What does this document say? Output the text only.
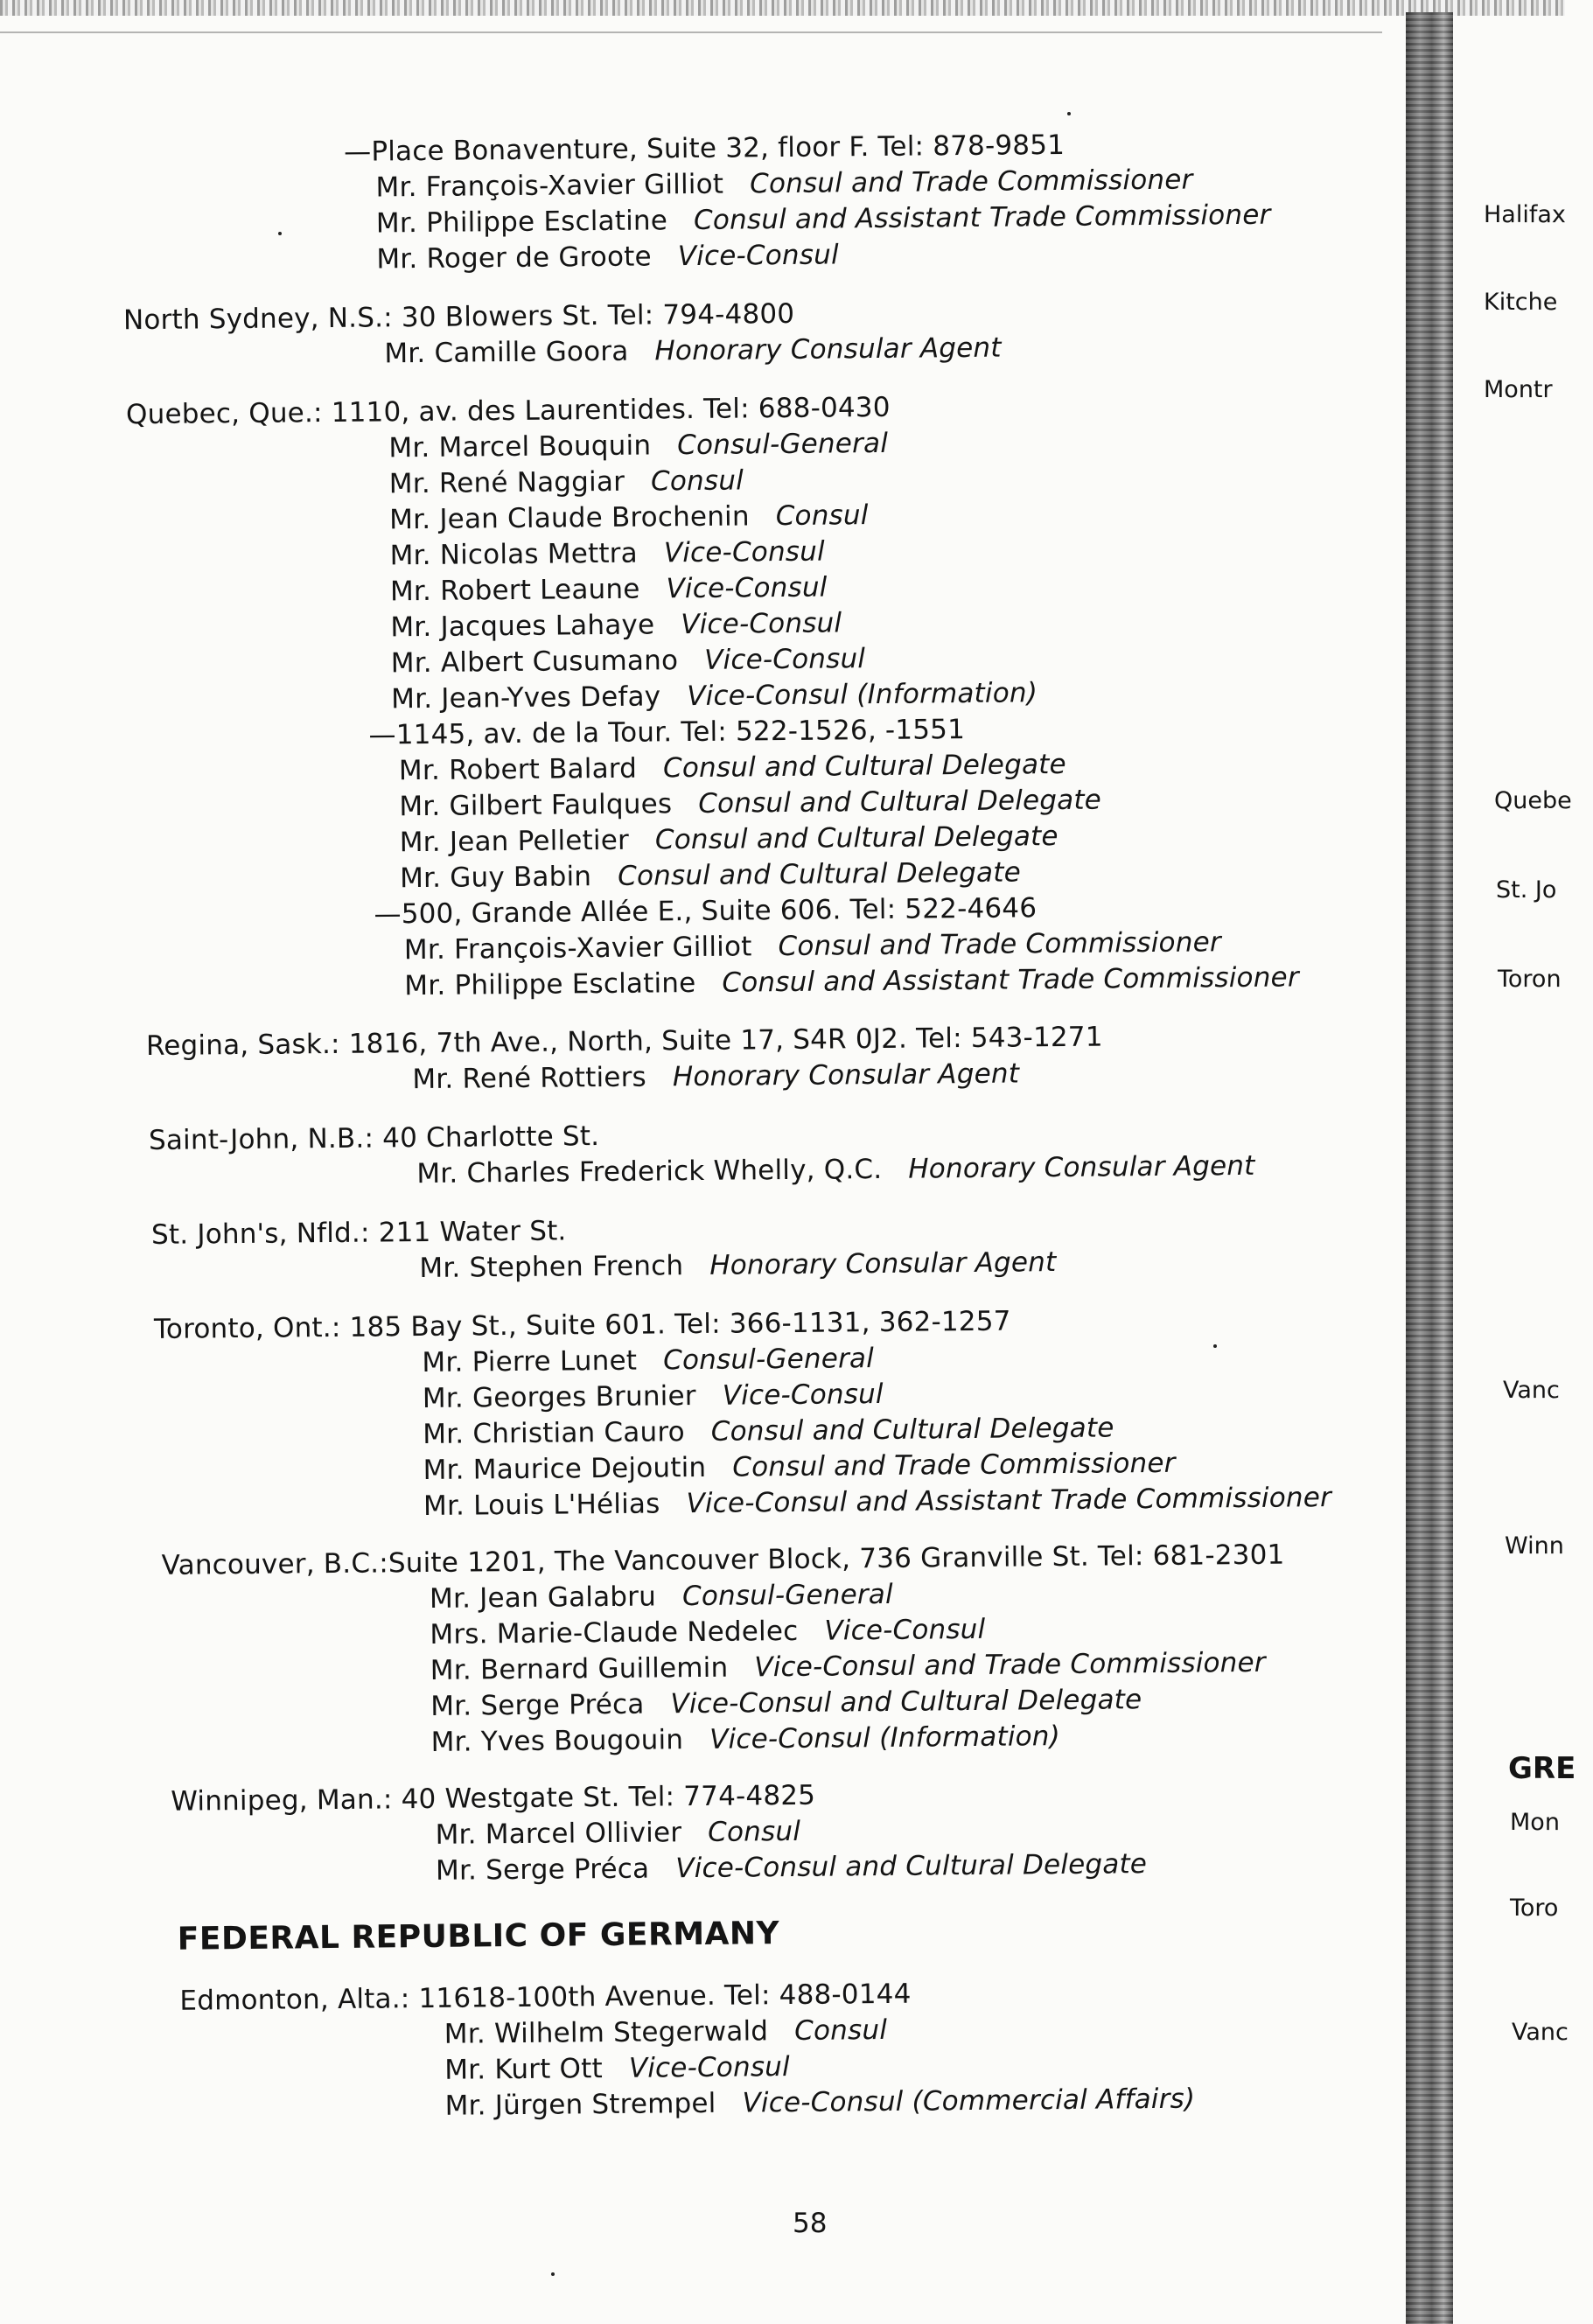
—Place Bonaventure, Suite 32, floor F. Tel: 878-9851
Mr. François-Xavier Gilliot Consul and Trade Commissioner
Mr. Philippe Esclatine Consul and Assistant Trade Commissioner
Mr. Roger de Groote Vice-Consul
North Sydney, N.S.: 30 Blowers St. Tel: 794-4800
Mr. Camille Goora Honorary Consular Agent
Quebec, Que.: 1110, av. des Laurentides. Tel: 688-0430
Mr. Marcel Bouquin Consul-General
Mr. René Naggiar Consul
Mr. Jean Claude Brochenin Consul
Mr. Nicolas Mettra Vice-Consul
Mr. Robert Leaune Vice-Consul
Mr. Jacques Lahaye Vice-Consul
Mr. Albert Cusumano Vice-Consul
Mr. Jean-Yves Defay Vice-Consul (Information)
—1145, av. de la Tour. Tel: 522-1526, -1551
Mr. Robert Balard Consul and Cultural Delegate
Mr. Gilbert Faulques Consul and Cultural Delegate
Mr. Jean Pelletier Consul and Cultural Delegate
Mr. Guy Babin Consul and Cultural Delegate
—500, Grande Allée E., Suite 606. Tel: 522-4646
Mr. François-Xavier Gilliot Consul and Trade Commissioner
Mr. Philippe Esclatine Consul and Assistant Trade Commissioner
Regina, Sask.: 1816, 7th Ave., North, Suite 17, S4R 0J2. Tel: 543-1271
Mr. René Rottiers Honorary Consular Agent
Saint-John, N.B.: 40 Charlotte St.
Mr. Charles Frederick Whelly, Q.C. Honorary Consular Agent
St. John's, Nfld.: 211 Water St.
Mr. Stephen French Honorary Consular Agent
Toronto, Ont.: 185 Bay St., Suite 601. Tel: 366-1131, 362-1257
Mr. Pierre Lunet Consul-General
Mr. Georges Brunier Vice-Consul
Mr. Christian Cauro Consul and Cultural Delegate
Mr. Maurice Dejoutin Consul and Trade Commissioner
Mr. Louis L'Hélias Vice-Consul and Assistant Trade Commissioner
Vancouver, B.C.:Suite 1201, The Vancouver Block, 736 Granville St. Tel: 681-2301
Mr. Jean Galabru Consul-General
Mrs. Marie-Claude Nedelec Vice-Consul
Mr. Bernard Guillemin Vice-Consul and Trade Commissioner
Mr. Serge Préca Vice-Consul and Cultural Delegate
Mr. Yves Bougouin Vice-Consul (Information)
Winnipeg, Man.: 40 Westgate St. Tel: 774-4825
Mr. Marcel Ollivier Consul
Mr. Serge Préca Vice-Consul and Cultural Delegate
FEDERAL REPUBLIC OF GERMANY
Edmonton, Alta.: 11618-100th Avenue. Tel: 488-0144
Mr. Wilhelm Stegerwald Consul
Mr. Kurt Ott Vice-Consul
Mr. Jürgen Strempel Vice-Consul (Commercial Affairs)
58
Halifax
Kitche
Montr
Quebe
St. Jo
Toron
Vanc
Winn
GRE
Mon
Toro
Vanc
